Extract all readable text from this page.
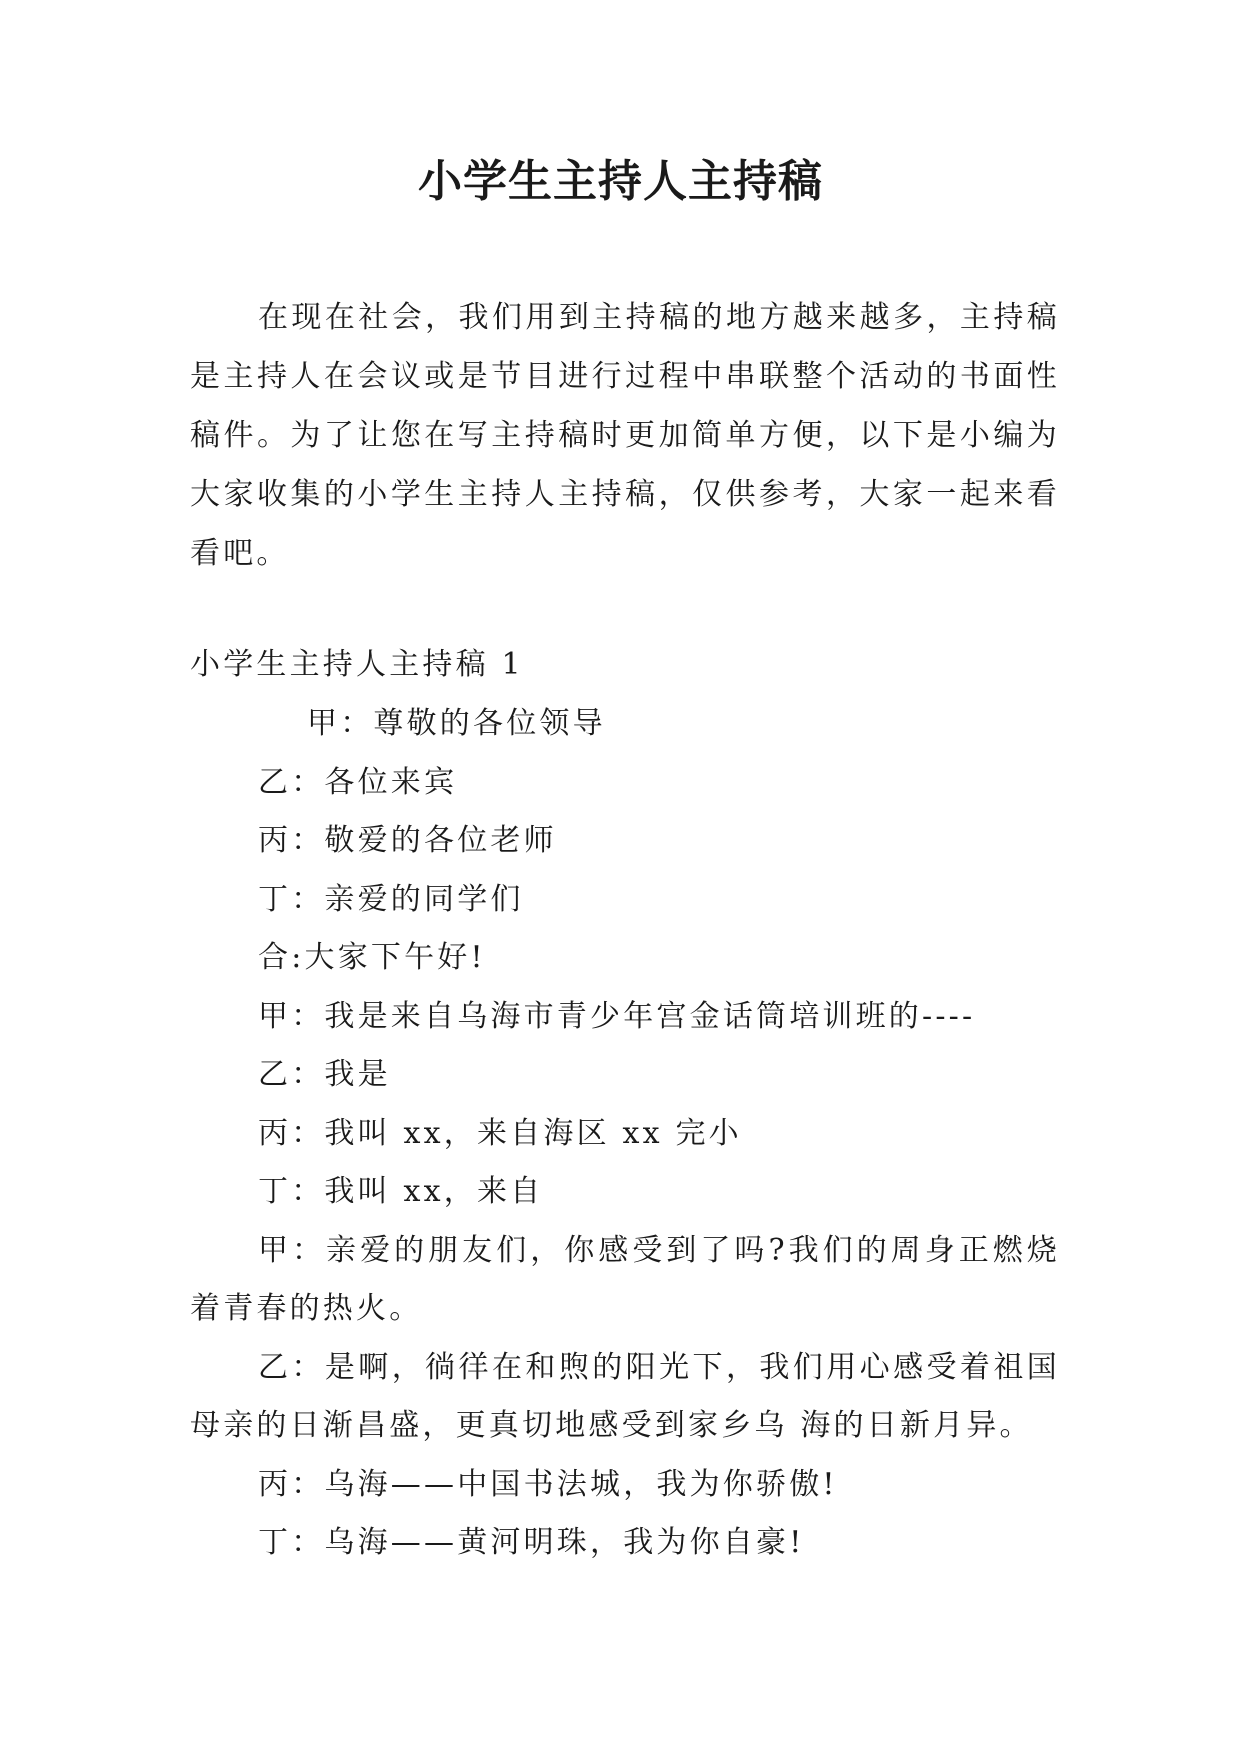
小学生主持人主持稿

在现在社会，我们用到主持稿的地方越来越多，主持稿是主持人在会议或是节目进行过程中串联整个活动的书面性稿件。为了让您在写主持稿时更加简单方便，以下是小编为大家收集的小学生主持人主持稿，仅供参考，大家一起来看看吧。

小学生主持人主持稿 1

甲：尊敬的各位领导

乙：各位来宾

丙：敬爱的各位老师

丁：亲爱的同学们

合:大家下午好!

甲：我是来自乌海市青少年宫金话筒培训班的----

乙：我是

丙：我叫 xx，来自海区 xx 完小

丁：我叫 xx，来自

甲：亲爱的朋友们，你感受到了吗?我们的周身正燃烧着青春的热火。

乙：是啊，徜徉在和煦的阳光下，我们用心感受着祖国母亲的日渐昌盛，更真切地感受到家乡乌 海的日新月异。

丙：乌海——中国书法城，我为你骄傲!

丁：乌海——黄河明珠，我为你自豪!
